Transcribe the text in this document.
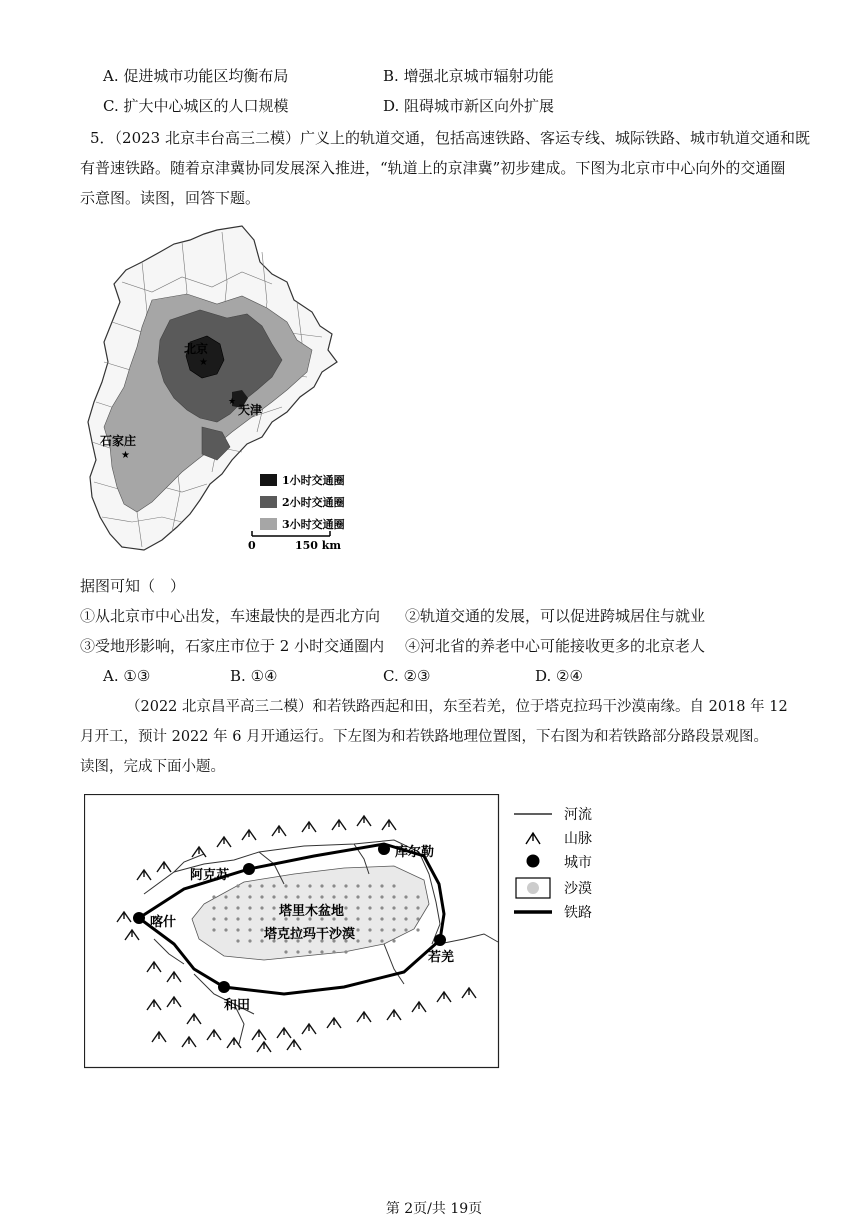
A. 促进城市功能区均衡布局	B. 增强北京城市辐射功能
C. 扩大中心城区的人口规模	D. 阻碍城市新区向外扩展
5．（2023 北京丰台高三二模）广义上的轨道交通，包括高速铁路、客运专线、城际铁路、城市轨道交通和既
有普速铁路。随着京津冀协同发展深入推进，“轨道上的京津冀”初步建成。下图为北京市中心向外的交通圈
示意图。读图，回答下题。
北京
★
★
天津
石家庄
★
1小时交通圈
2小时交通圈
3小时交通圈
0	150 km
据图可知（　）
①从北京市中心出发，车速最快的是西北方向 ②轨道交通的发展，可以促进跨城居住与就业
③受地形影响，石家庄市位于 2 小时交通圈内 ④河北省的养老中心可能接收更多的北京老人
A. ①③	B. ①④	C. ②③	D. ②④
（2022 北京昌平高三二模）和若铁路西起和田，东至若羌，位于塔克拉玛干沙漠南缘。自 2018 年 12
月开工，预计 2022 年 6 月开通运行。下左图为和若铁路地理位置图，下右图为和若铁路部分路段景观图。
读图，完成下面小题。
阿克苏
库尔勒
喀什
和田
若羌
塔里木盆地
塔克拉玛干沙漠
河流
山脉
城市
沙漠
铁路
第 2页/共 19页
